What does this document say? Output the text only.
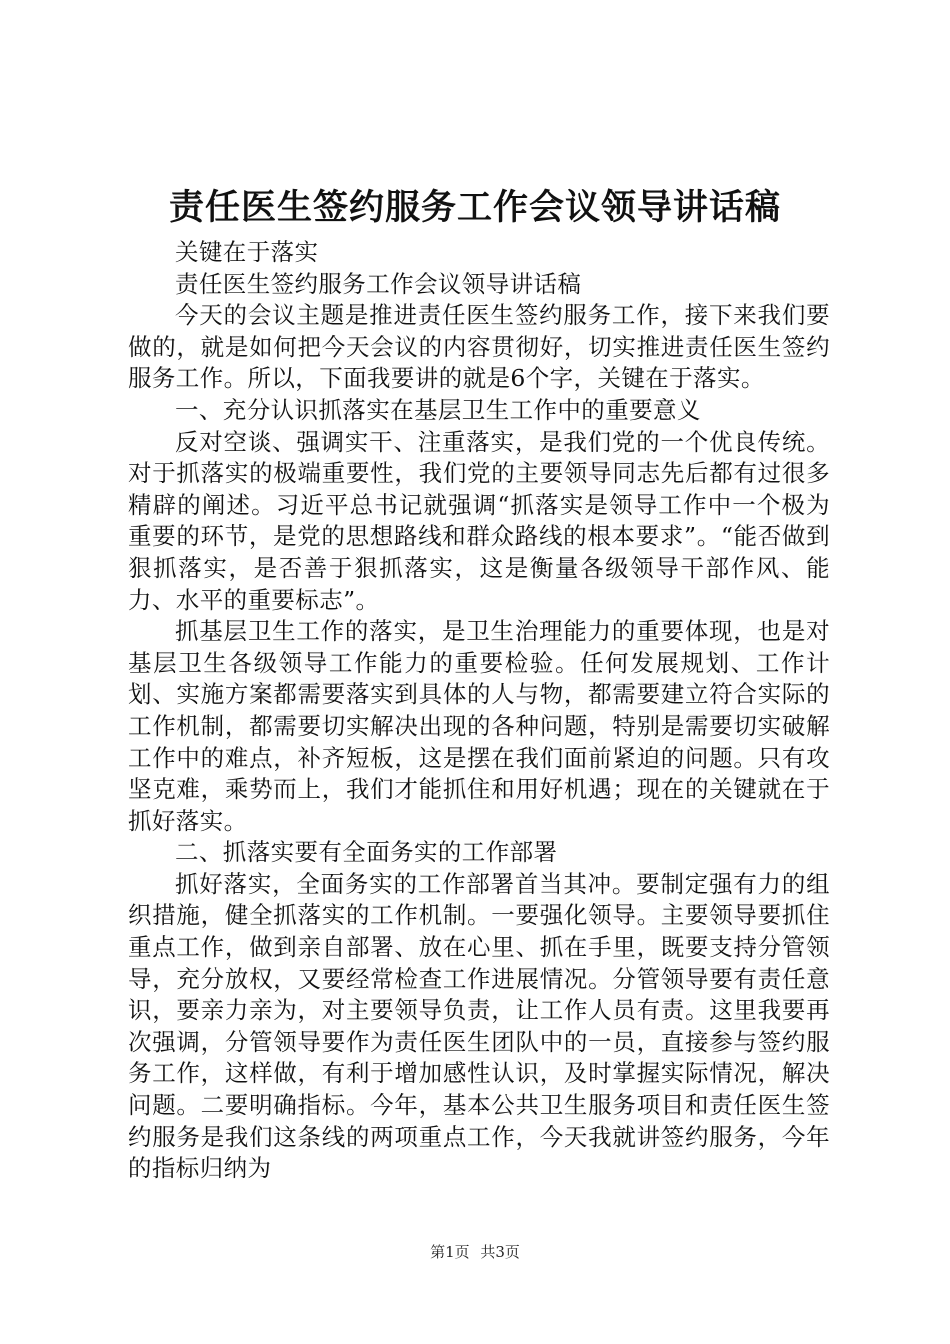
责任医生签约服务工作会议领导讲话稿

关键在于落实

责任医生签约服务工作会议领导讲话稿

今天的会议主题是推进责任医生签约服务工作，接下来我们要做的，就是如何把今天会议的内容贯彻好，切实推进责任医生签约服务工作。所以，下面我要讲的就是6个字，关键在于落实。

一、充分认识抓落实在基层卫生工作中的重要意义

反对空谈、强调实干、注重落实，是我们党的一个优良传统。对于抓落实的极端重要性，我们党的主要领导同志先后都有过很多精辟的阐述。习近平总书记就强调“抓落实是领导工作中一个极为重要的环节，是党的思想路线和群众路线的根本要求”。“能否做到狠抓落实，是否善于狠抓落实，这是衡量各级领导干部作风、能力、水平的重要标志”。

抓基层卫生工作的落实，是卫生治理能力的重要体现，也是对基层卫生各级领导工作能力的重要检验。任何发展规划、工作计划、实施方案都需要落实到具体的人与物，都需要建立符合实际的工作机制，都需要切实解决出现的各种问题，特别是需要切实破解工作中的难点，补齐短板，这是摆在我们面前紧迫的问题。只有攻坚克难，乘势而上，我们才能抓住和用好机遇；现在的关键就在于抓好落实。

二、抓落实要有全面务实的工作部署

抓好落实，全面务实的工作部署首当其冲。要制定强有力的组织措施，健全抓落实的工作机制。一要强化领导。主要领导要抓住重点工作，做到亲自部署、放在心里、抓在手里，既要支持分管领导，充分放权，又要经常检查工作进展情况。分管领导要有责任意识，要亲力亲为，对主要领导负责，让工作人员有责。这里我要再次强调，分管领导要作为责任医生团队中的一员，直接参与签约服务工作，这样做，有利于增加感性认识，及时掌握实际情况，解决问题。二要明确指标。今年，基本公共卫生服务项目和责任医生签约服务是我们这条线的两项重点工作，今天我就讲签约服务，今年的指标归纳为

第1页 共3页
